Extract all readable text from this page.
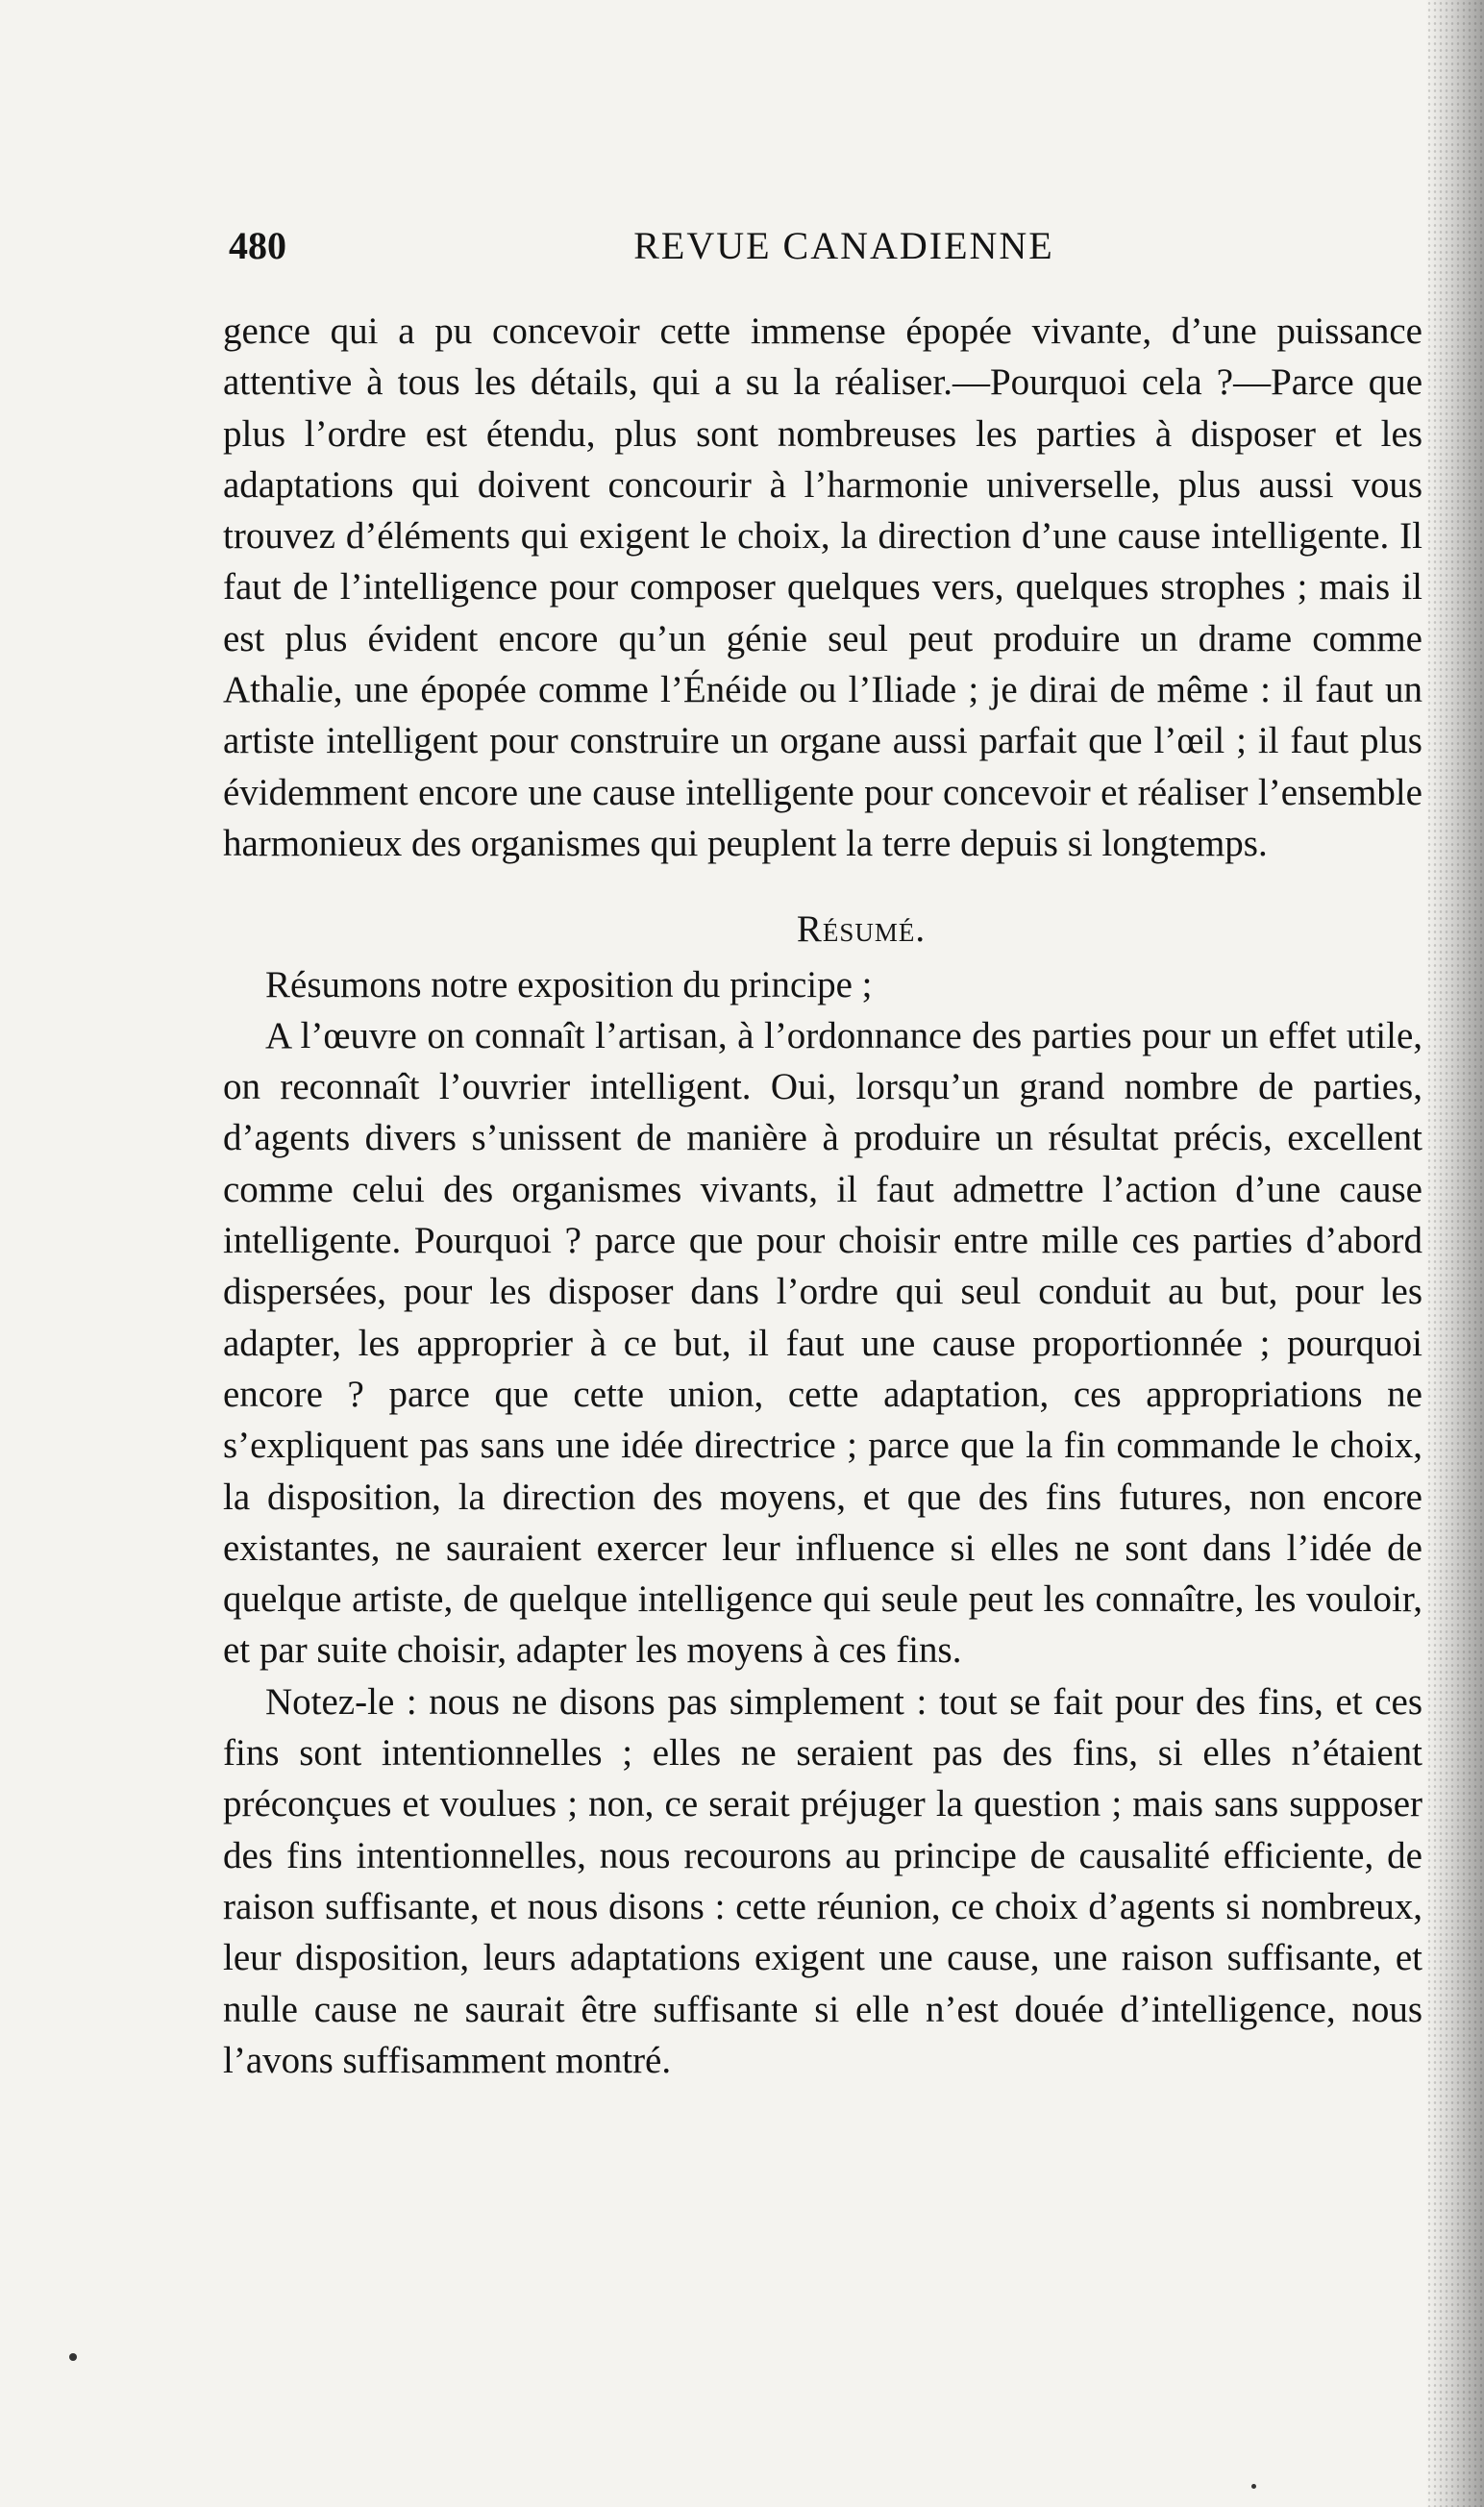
480	REVUE CANADIENNE

gence qui a pu concevoir cette immense épopée vivante, d’une puissance attentive à tous les détails, qui a su la réaliser.—Pourquoi cela ?—Parce que plus l’ordre est étendu, plus sont nombreuses les parties à disposer et les adaptations qui doivent concourir à l’harmonie universelle, plus aussi vous trouvez d’éléments qui exigent le choix, la direction d’une cause intelligente. Il faut de l’intelligence pour composer quelques vers, quelques strophes ; mais il est plus évident encore qu’un génie seul peut produire un drame comme Athalie, une épopée comme l’Énéide ou l’Iliade ; je dirai de même : il faut un artiste intelligent pour construire un organe aussi parfait que l’œil ; il faut plus évidemment encore une cause intelligente pour concevoir et réaliser l’ensemble harmonieux des organismes qui peuplent la terre depuis si longtemps.

Résumé.

Résumons notre exposition du principe ;

A l’œuvre on connaît l’artisan, à l’ordonnance des parties pour un effet utile, on reconnaît l’ouvrier intelligent. Oui, lorsqu’un grand nombre de parties, d’agents divers s’unissent de manière à produire un résultat précis, excellent comme celui des organismes vivants, il faut admettre l’action d’une cause intelligente. Pourquoi ? parce que pour choisir entre mille ces parties d’abord dispersées, pour les disposer dans l’ordre qui seul conduit au but, pour les adapter, les approprier à ce but, il faut une cause proportionnée ; pourquoi encore ? parce que cette union, cette adaptation, ces appropriations ne s’expliquent pas sans une idée directrice ; parce que la fin commande le choix, la disposition, la direction des moyens, et que des fins futures, non encore existantes, ne sauraient exercer leur influence si elles ne sont dans l’idée de quelque artiste, de quelque intelligence qui seule peut les connaître, les vouloir, et par suite choisir, adapter les moyens à ces fins.

Notez-le : nous ne disons pas simplement : tout se fait pour des fins, et ces fins sont intentionnelles ; elles ne seraient pas des fins, si elles n’étaient préconçues et voulues ; non, ce serait préjuger la question ; mais sans supposer des fins intentionnelles, nous recourons au principe de causalité efficiente, de raison suffisante, et nous disons : cette réunion, ce choix d’agents si nombreux, leur disposition, leurs adaptations exigent une cause, une raison suffisante, et nulle cause ne saurait être suffisante si elle n’est douée d’intelligence, nous l’avons suffisamment montré.
